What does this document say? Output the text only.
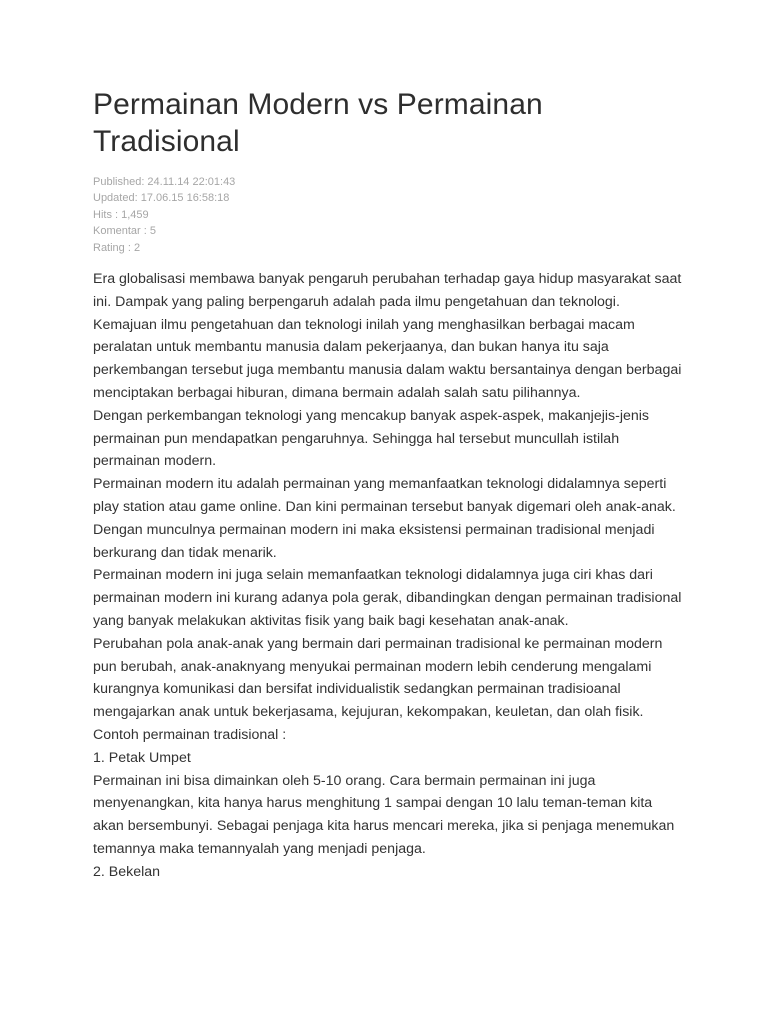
Permainan Modern vs Permainan Tradisional
Published: 24.11.14 22:01:43
Updated: 17.06.15 16:58:18
Hits : 1,459
Komentar : 5
Rating : 2

Era globalisasi membawa banyak pengaruh perubahan terhadap gaya hidup masyarakat saat ini. Dampak yang paling berpengaruh adalah pada ilmu pengetahuan dan teknologi. Kemajuan ilmu pengetahuan dan teknologi inilah yang menghasilkan berbagai macam peralatan untuk membantu manusia dalam pekerjaanya, dan bukan hanya itu saja perkembangan tersebut juga membantu manusia dalam waktu bersantainya dengan berbagai menciptakan berbagai hiburan, dimana bermain adalah salah satu pilihannya.

Dengan perkembangan teknologi yang mencakup banyak aspek-aspek, makanjejis-jenis permainan pun mendapatkan pengaruhnya. Sehingga hal tersebut muncullah istilah permainan modern.

Permainan modern itu adalah permainan yang memanfaatkan teknologi didalamnya seperti play station atau game online. Dan kini permainan tersebut banyak digemari oleh anak-anak. Dengan munculnya permainan modern ini maka eksistensi permainan tradisional menjadi berkurang dan tidak menarik.

Permainan modern ini juga selain memanfaatkan teknologi didalamnya juga ciri khas dari permainan modern ini kurang adanya pola gerak, dibandingkan dengan permainan tradisional yang banyak melakukan aktivitas fisik yang baik bagi kesehatan anak-anak.

Perubahan pola anak-anak yang bermain dari permainan tradisional ke permainan modern pun berubah, anak-anaknyang menyukai permainan modern lebih cenderung mengalami kurangnya komunikasi dan bersifat individualistik sedangkan permainan tradisioanal mengajarkan anak untuk bekerjasama, kejujuran, kekompakan, keuletan, dan olah fisik.

Contoh permainan tradisional :

1. Petak Umpet

Permainan ini bisa dimainkan oleh 5-10 orang. Cara bermain permainan ini juga menyenangkan, kita hanya harus menghitung 1 sampai dengan 10 lalu teman-teman kita akan bersembunyi. Sebagai penjaga kita harus mencari mereka, jika si penjaga menemukan temannya maka temannyalah yang menjadi penjaga.

2. Bekelan
